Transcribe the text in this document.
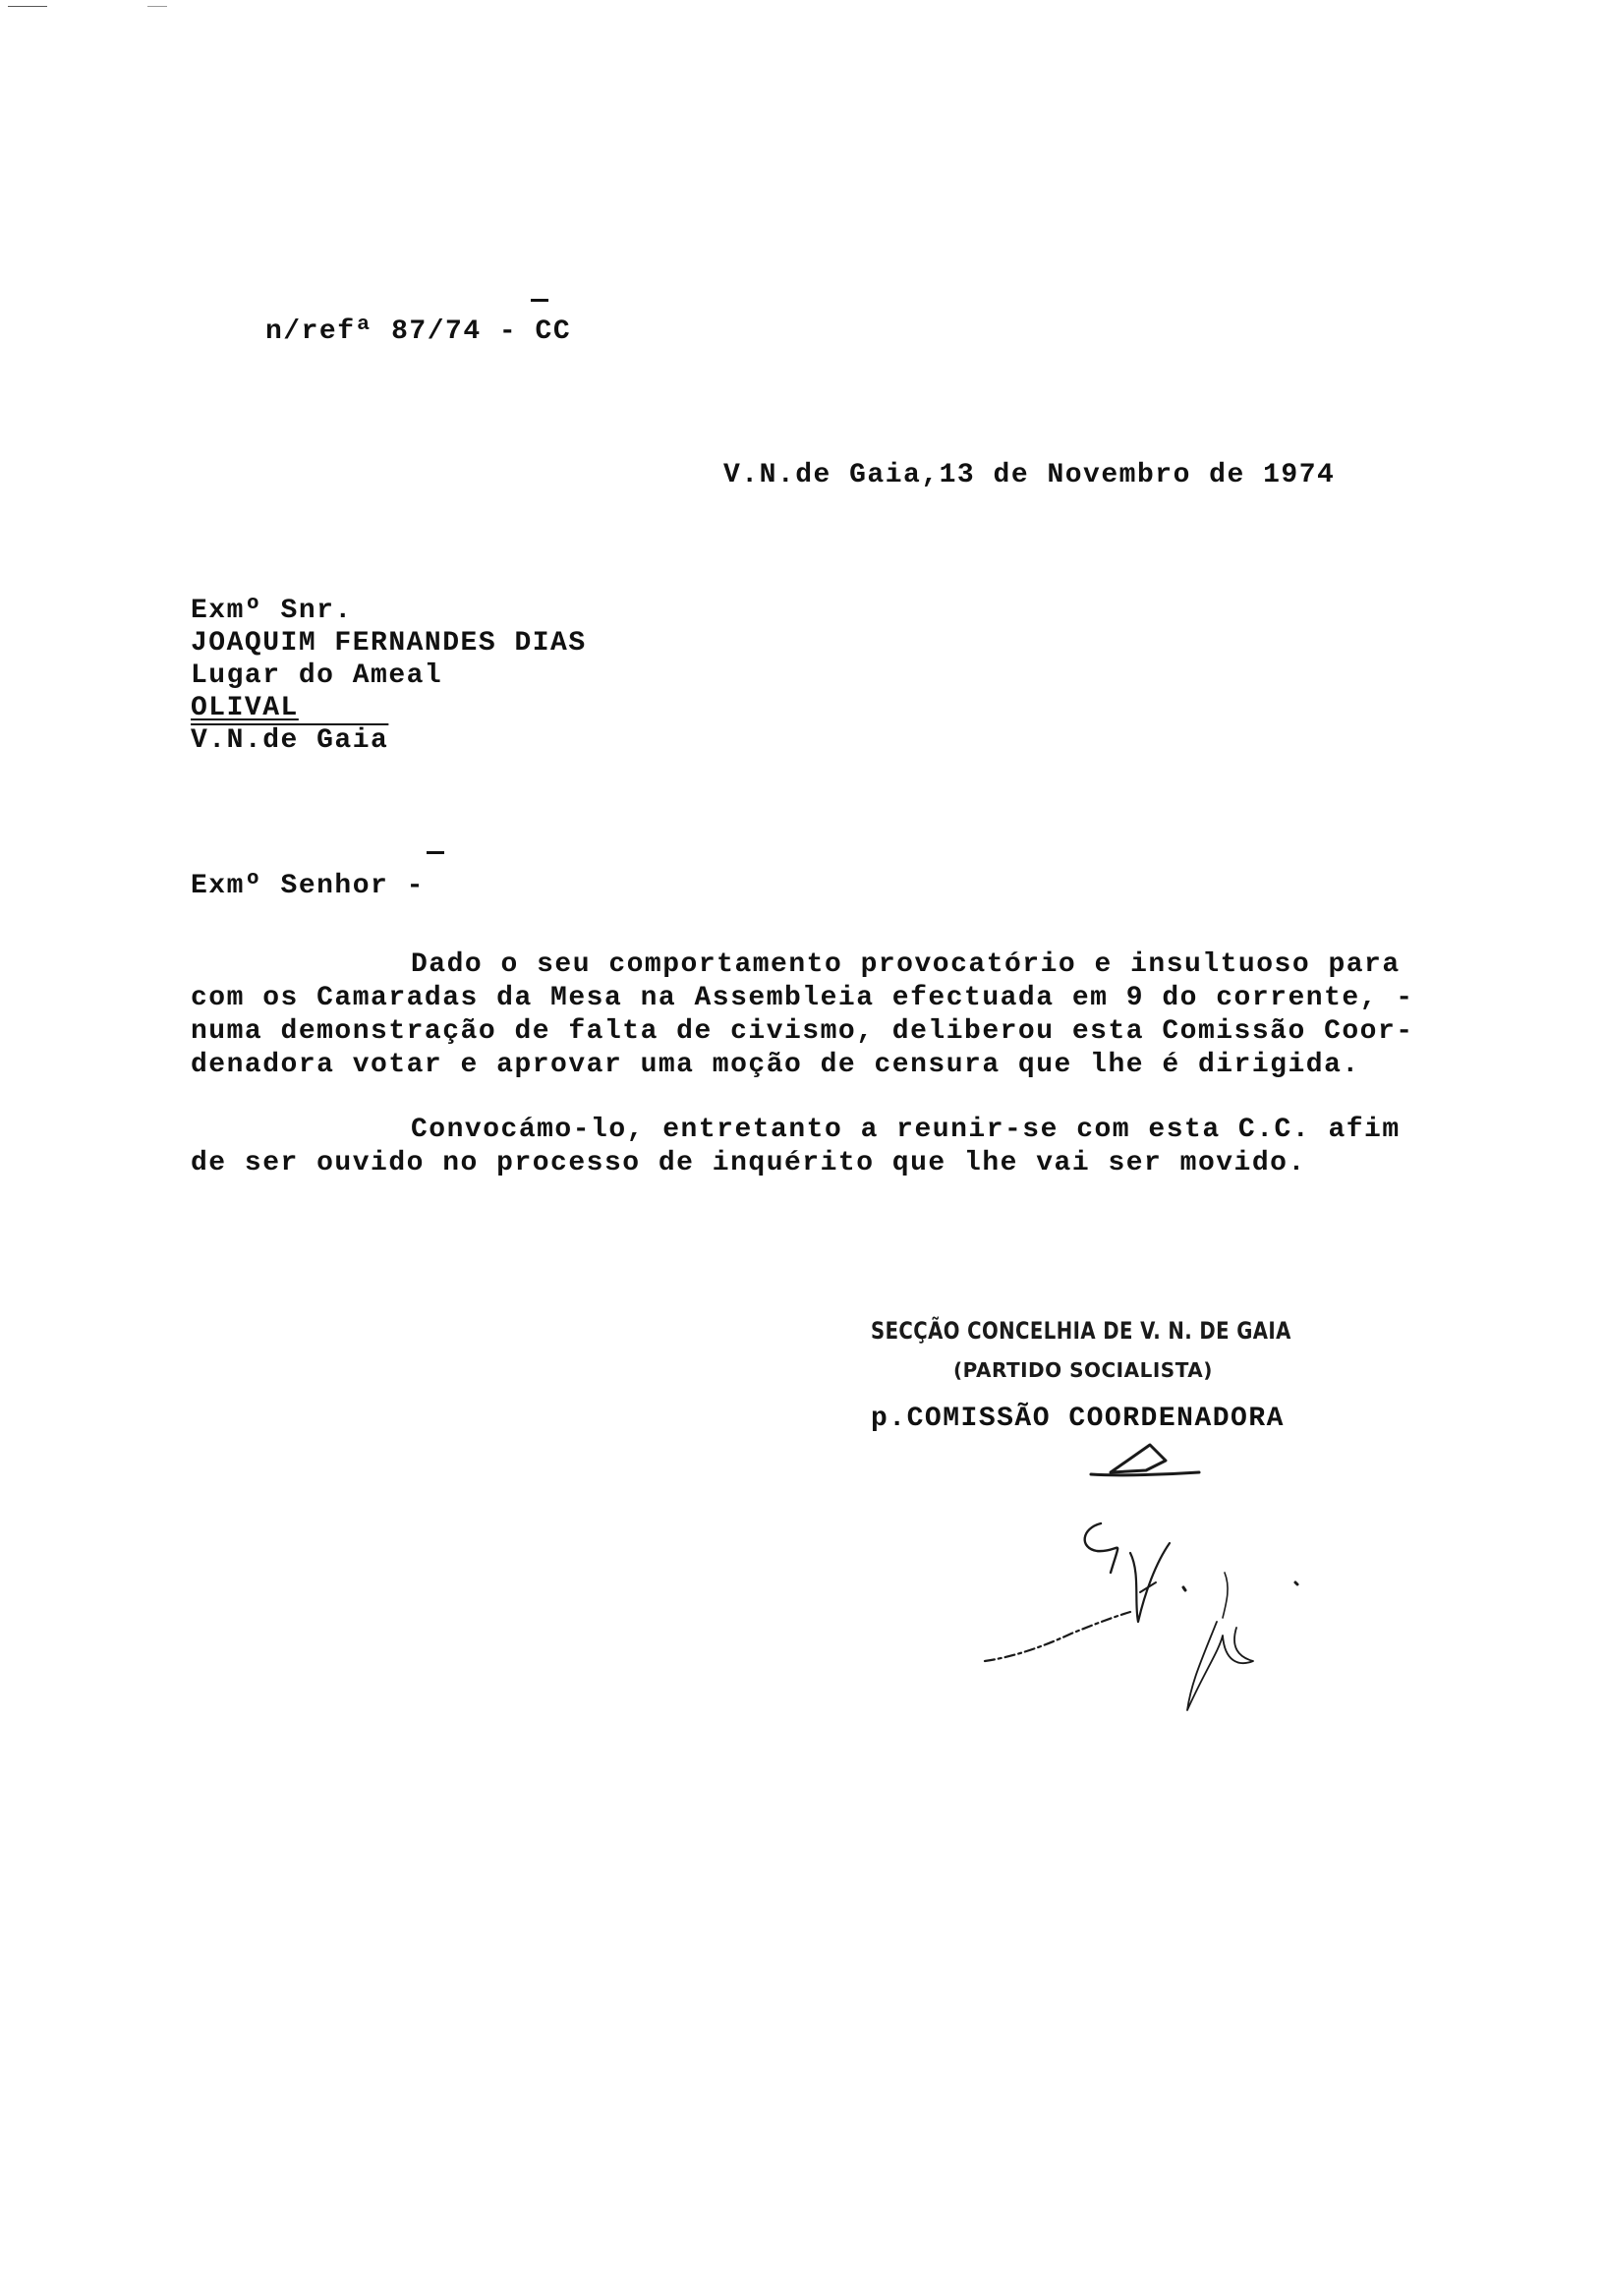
n/refª 87/74 - CC
V.N.de Gaia,13 de Novembro de 1974
Exmº Snr.
JOAQUIM FERNANDES DIAS
Lugar do Ameal
OLIVAL
V.N.de Gaia
Exmº Senhor -
Dado o seu comportamento provocatório e insultuoso para
com os Camaradas da Mesa na Assembleia efectuada em 9 do corrente, -
numa demonstração de falta de civismo, deliberou esta Comissão Coor-
denadora votar e aprovar uma moção de censura que lhe é dirigida.
Convocámo-lo, entretanto a reunir-se com esta C.C. afim
de ser ouvido no processo de inquérito que lhe vai ser movido.

SECÇÃO CONCELHIA DE V. N. DE GAIA

(PARTIDO SOCIALISTA)

p.COMISSÃO COORDENADORA
